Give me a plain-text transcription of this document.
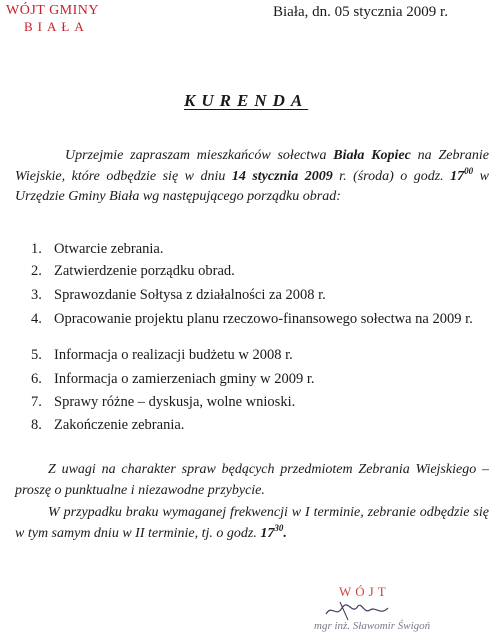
WÓJT GMINY
BIAŁA
Biała, dn. 05 stycznia 2009 r.
KURENDA

Uprzejmie zapraszam mieszkańców sołectwa Biała Kopiec na Zebranie Wiejskie, które odbędzie się w dniu 14 stycznia 2009 r. (środa) o godz. $17^{00}$ w Urzędzie Gminy Biała wg następującego porządku obrad:

1. Otwarcie zebrania.
2. Zatwierdzenie porządku obrad.
3. Sprawozdanie Sołtysa z działalności za 2008 r.
4. Opracowanie projektu planu rzeczowo-finansowego sołectwa na 2009 r.
5. Informacja o realizacji budżetu w 2008 r.
6. Informacja o zamierzeniach gminy w 2009 r.
7. Sprawy różne – dyskusja, wolne wnioski.
8. Zakończenie zebrania.

Z uwagi na charakter spraw będących przedmiotem Zebrania Wiejskiego – proszę o punktualne i niezawodne przybycie.

W przypadku braku wymaganej frekwencji w I terminie, zebranie odbędzie się w tym samym dniu w II terminie, tj. o godz. $17^{30}$.

WÓJT
mgr inż. Sławomir Świgoń
